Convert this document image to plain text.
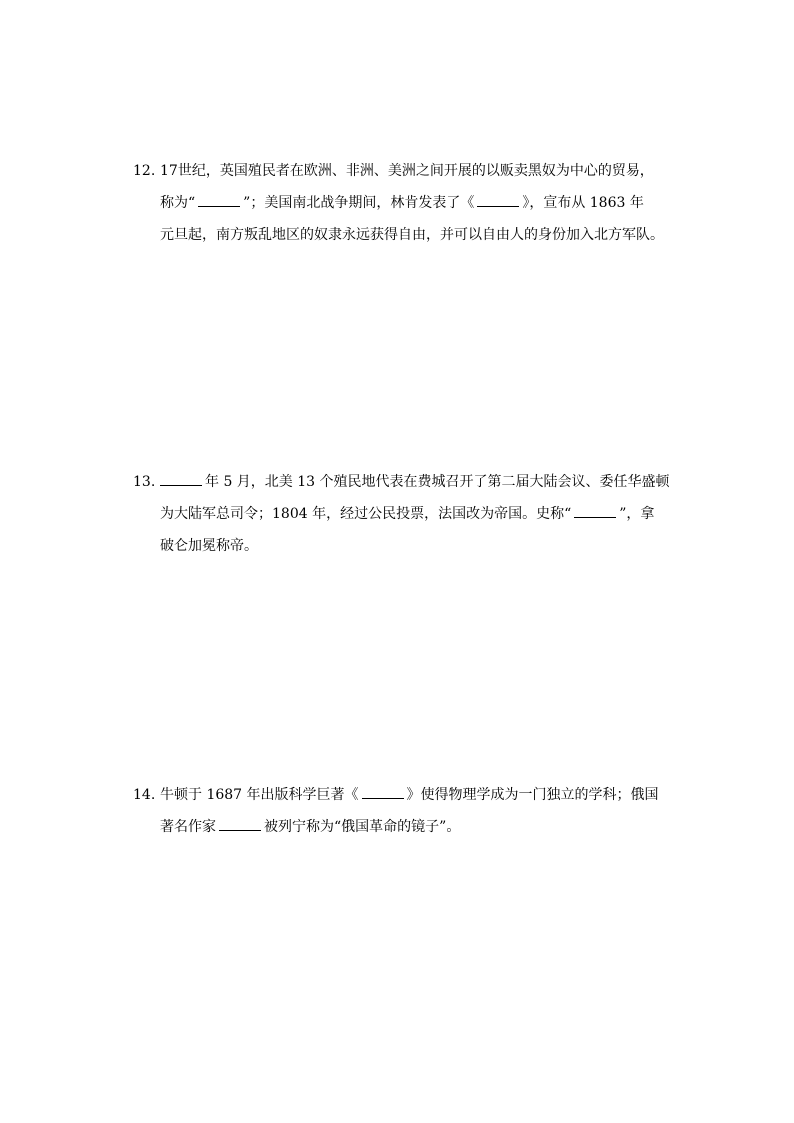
12. 17世纪，英国殖民者在欧洲、非洲、美洲之间开展的以贩卖黑奴为中心的贸易，
称为“	”；美国南北战争期间，林肯发表了《	》，宣布从 1863 年
元旦起，南方叛乱地区的奴隶永远获得自由，并可以自由人的身份加入北方军队。
13.	年 5 月，北美 13 个殖民地代表在费城召开了第二届大陆会议、委任华盛顿
为大陆军总司令；1804 年，经过公民投票，法国改为帝国。史称“	”，拿
破仑加冕称帝。
14. 牛顿于 1687 年出版科学巨著《	》使得物理学成为一门独立的学科；俄国
著名作家	被列宁称为“俄国革命的镜子”。
